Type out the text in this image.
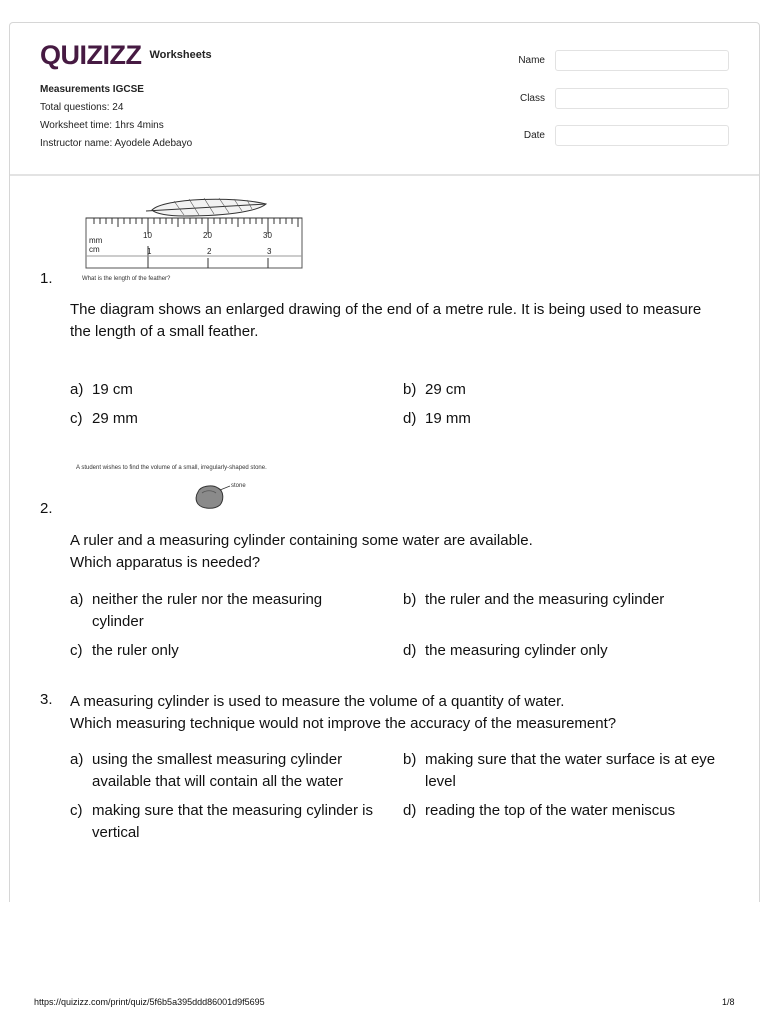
QUIZIZZ Worksheets
Measurements IGCSE
Total questions: 24
Worksheet time: 1hrs 4mins
Instructor name: Ayodele Adebayo
Name
Class
Date
mm
cm
10	20	30
1	2	3
What is the length of the feather?
1.
The diagram shows an enlarged drawing of the end of a metre rule. It is being used to measure
the length of a small feather.
a) 19 cm	b) 29 cm
c) 29 mm	d) 19 mm
A student wishes to find the volume of a small, irregularly-shaped stone.
stone
2.
A ruler and a measuring cylinder containing some water are available.
Which apparatus is needed?
a) neither the ruler nor the measuring cylinder
b) the ruler and the measuring cylinder
c) the ruler only	d) the measuring cylinder only
3. A measuring cylinder is used to measure the volume of a quantity of water.
Which measuring technique would not improve the accuracy of the measurement?
a) using the smallest measuring cylinder available that will contain all the water
b) making sure that the water surface is at eye level
c) making sure that the measuring cylinder is vertical
d) reading the top of the water meniscus
https://quizizz.com/print/quiz/5f6b5a395ddd86001d9f5695	1/8
